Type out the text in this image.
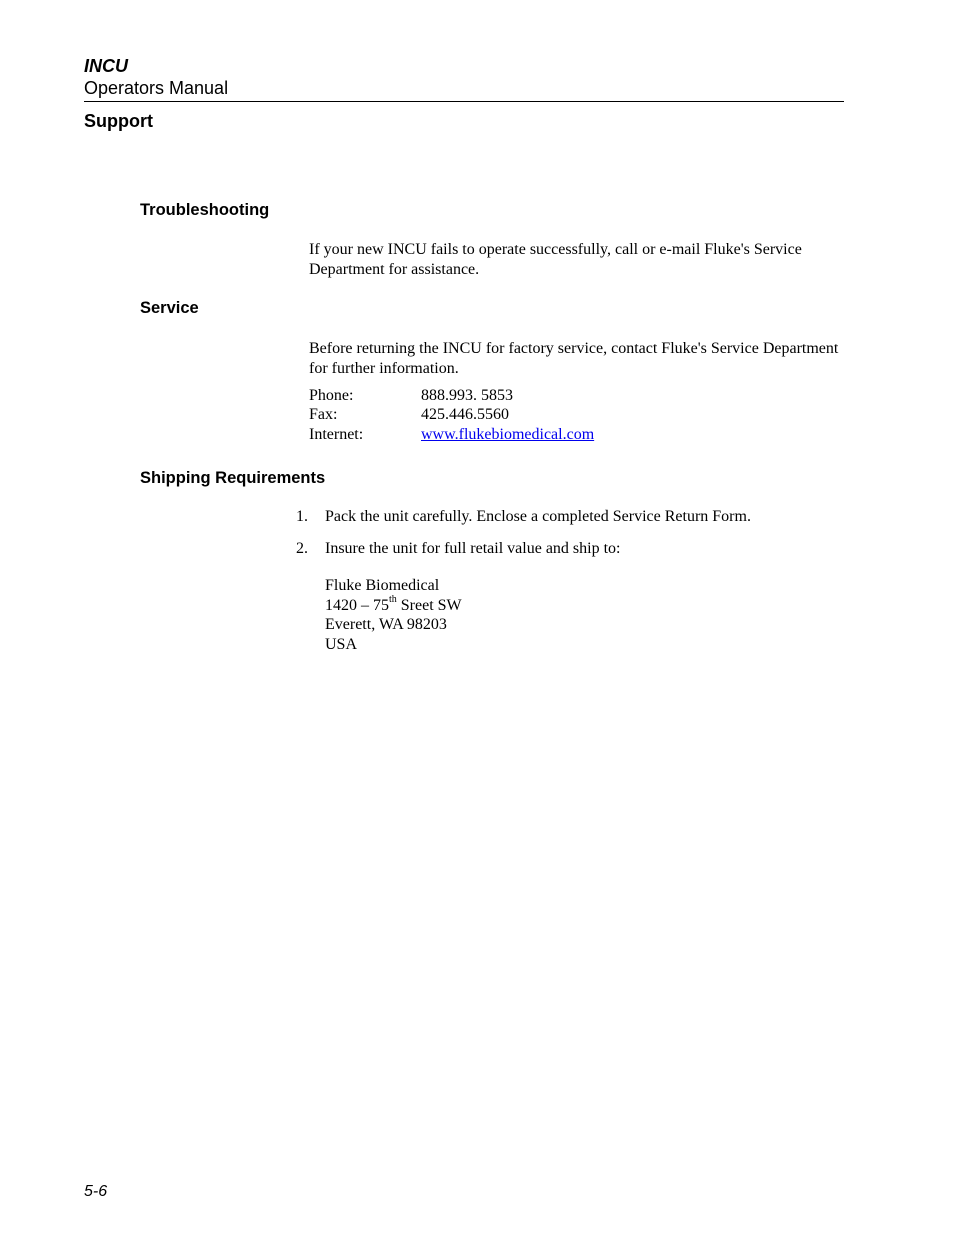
INCU

Operators Manual

Support
Troubleshooting

If your new INCU fails to operate successfully, call or e-mail Fluke's Service Department for assistance.

Service

Before returning the INCU for factory service, contact Fluke's Service Department for further information.

Phone:	888.993. 5853
Fax:	425.446.5560
Internet:	www.flukebiomedical.com
Shipping Requirements
1.	Pack the unit carefully. Enclose a completed Service Return Form.
2.	Insure the unit for full retail value and ship to:
Fluke Biomedical
1420 – 75th Sreet SW
Everett, WA 98203
USA

5-6
